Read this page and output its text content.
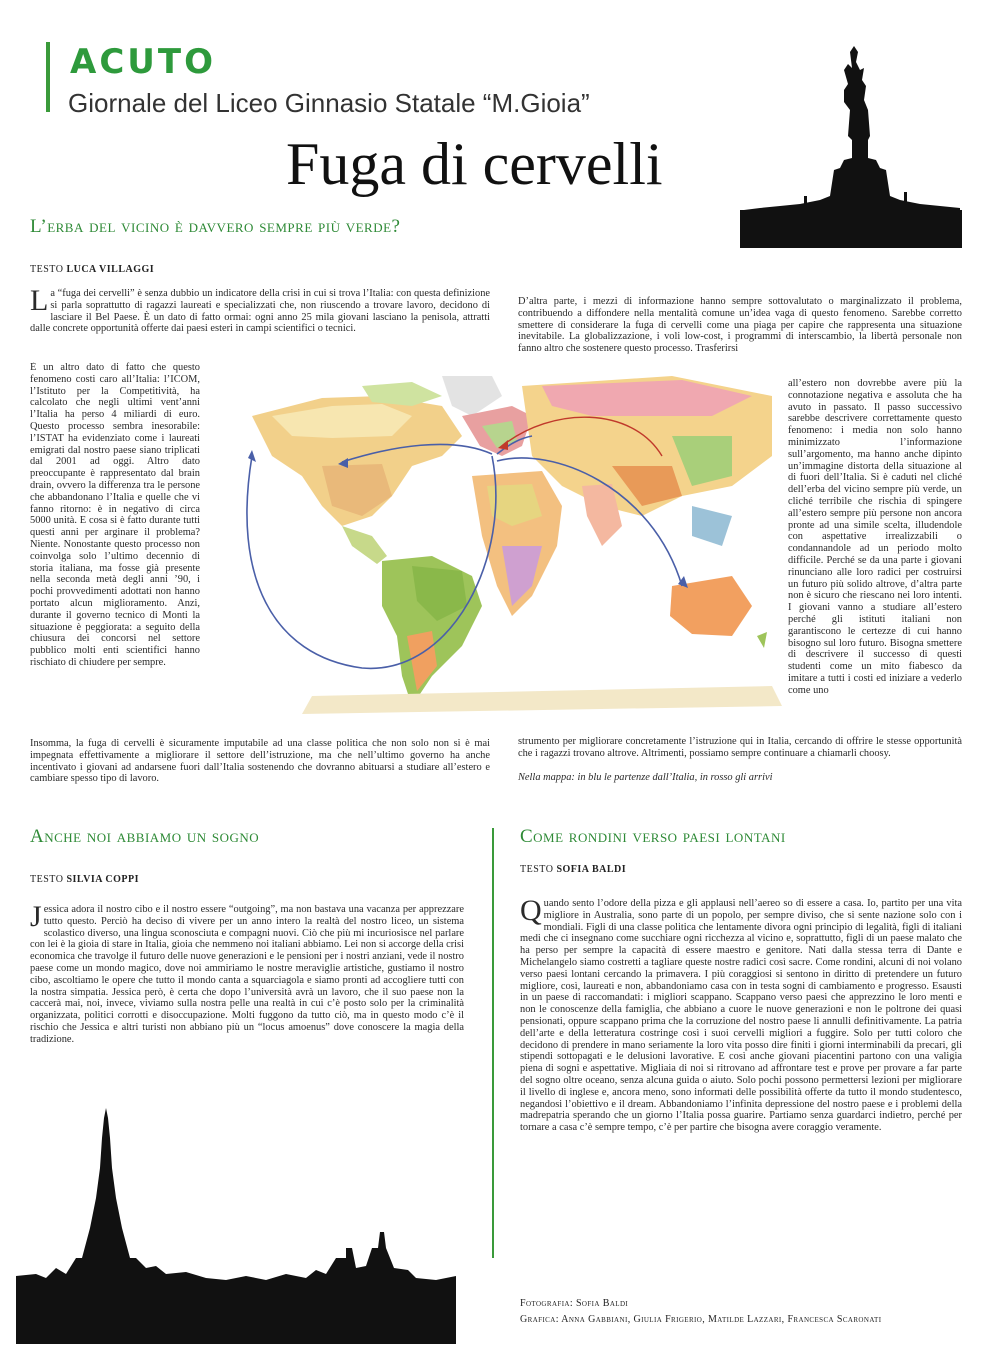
ACUTO
Giornale del Liceo Ginnasio Statale “M.Gioia”
Fuga di cervelli
L’erba del vicino è davvero sempre più verde?
TESTO LUCA VILLAGGI
La “fuga dei cervelli” è senza dubbio un indicatore della crisi in cui si trova l’Italia: con questa definizione si parla soprattutto di ragazzi laureati e specializzati che, non riuscendo a trovare lavoro, decidono di lasciare il Bel Paese. È un dato di fatto ormai: ogni anno 25 mila giovani lasciano la penisola, attratti dalle concrete opportunità offerte dai paesi esteri in campi scientifici o tecnici.
È un altro dato di fatto che questo fenomeno costi caro all’Italia: l’ICOM, l’Istituto per la Competitività, ha calcolato che negli ultimi vent’anni l’Italia ha perso 4 miliardi di euro. Questo processo sembra inesorabile: l’ISTAT ha evidenziato come i laureati emigrati dal nostro paese siano triplicati dal 2001 ad oggi. Altro dato preoccupante è rappresentato dal brain drain, ovvero la differenza tra le persone che abbandonano l’Italia e quelle che vi fanno ritorno: è in negativo di circa 5000 unità. E cosa si è fatto durante tutti questi anni per arginare il problema? Niente. Nonostante questo processo non coinvolga solo l’ultimo decennio di storia italiana, ma fosse già presente nella seconda metà degli anni ’90, i pochi provvedimenti adottati non hanno portato alcun miglioramento. Anzi, durante il governo tecnico di Monti la situazione è peggiorata: a seguito della chiusura dei concorsi nel settore pubblico molti enti scientifici hanno rischiato di chiudere per sempre.
Insomma, la fuga di cervelli è sicuramente imputabile ad una classe politica che non solo non si è mai impegnata effettivamente a migliorare il settore dell’istruzione, ma che nell’ultimo governo ha anche incentivato i giovani ad andarsene fuori dall’Italia sostenendo che dovranno abituarsi a studiare all’estero e cambiare spesso tipo di lavoro.
D’altra parte, i mezzi di informazione hanno sempre sottovalutato o marginalizzato il problema, contribuendo a diffondere nella mentalità comune un’idea vaga di questo fenomeno. Sarebbe corretto smettere di considerare la fuga di cervelli come una piaga per capire che rappresenta una situazione inevitabile. La globalizzazione, i voli low-cost, i programmi di interscambio, la libertà personale non fanno altro che sostenere questo processo. Trasferirsi
all’estero non dovrebbe avere più la connotazione negativa e assoluta che ha avuto in passato. Il passo successivo sarebbe descrivere correttamente questo fenomeno: i media non solo hanno minimizzato l’informazione sull’argomento, ma hanno anche dipinto un’immagine distorta della situazione al di fuori dell’Italia. Si è caduti nel cliché dell’erba del vicino sempre più verde, un cliché terribile che rischia di spingere all’estero sempre più persone non ancora pronte ad una simile scelta, illudendole con aspettative irrealizzabili o condannandole ad un periodo molto difficile. Perché se da una parte i giovani rinunciano alle loro radici per costruirsi un futuro più solido altrove, d’altra parte non è sicuro che riescano nei loro intenti. I giovani vanno a studiare all’estero perché gli istituti italiani non garantiscono le certezze di cui hanno bisogno sul loro futuro. Bisogna smettere di descrivere il successo di questi studenti come un mito fiabesco da imitare a tutti i costi ed iniziare a vederlo come uno
strumento per migliorare concretamente l’istruzione qui in Italia, cercando di offrire le stesse opportunità che i ragazzi trovano altrove. Altrimenti, possiamo sempre continuare a chiamarli choosy.
Nella mappa: in blu le partenze dall’Italia, in rosso gli arrivi
Anche noi abbiamo un sogno
TESTO SILVIA COPPI
Jessica adora il nostro cibo e il nostro essere “outgoing”, ma non bastava una vacanza per apprezzare tutto questo. Perciò ha deciso di vivere per un anno intero la realtà del nostro liceo, un sistema scolastico diverso, una lingua sconosciuta e compagni nuovi. Ciò che più mi incuriosisce nel parlare con lei è la gioia di stare in Italia, gioia che nemmeno noi italiani abbiamo. Lei non si accorge della crisi economica che travolge il futuro delle nuove generazioni e le pensioni per i nostri anziani, vede il nostro paese come un mondo magico, dove noi ammiriamo le nostre meraviglie artistiche, gustiamo il nostro cibo, ascoltiamo le opere che tutto il mondo canta a squarciagola e siamo pronti ad accogliere tutti con la nostra simpatia. Jessica però, è certa che dopo l’università avrà un lavoro, che il suo paese non la caccerà mai, noi, invece, viviamo sulla nostra pelle una realtà in cui c’è posto solo per la criminalità organizzata, politici corrotti e disoccupazione. Molti fuggono da tutto ciò, ma in questo modo c’è il rischio che Jessica e altri turisti non abbiano più un “locus amoenus” dove conoscere la magia della tradizione.
Come rondini verso paesi lontani
TESTO SOFIA BALDI
Quando sento l’odore della pizza e gli applausi nell’aereo so di essere a casa. Io, partito per una vita migliore in Australia, sono parte di un popolo, per sempre diviso, che si sente nazione solo con i mondiali. Figli di una classe politica che lentamente divora ogni principio di legalità, figli di italiani medi che ci insegnano come succhiare ogni ricchezza al vicino e, soprattutto, figli di un paese malato che ha perso per sempre la capacità di essere maestro e genitore. Nati dalla stessa terra di Dante e Michelangelo siamo costretti a tagliare queste nostre radici così sacre. Come rondini, alcuni di noi volano verso paesi lontani cercando la primavera. I più coraggiosi si sentono in diritto di pretendere un futuro migliore, così, laureati e non, abbandoniamo casa con in testa sogni di cambiamento e progresso. Esausti in un paese di raccomandati: i migliori scappano. Scappano verso paesi che apprezzino le loro menti e non le conoscenze della famiglia, che abbiano a cuore le nuove generazioni e non le poltrone dei quasi pensionati, oppure scappano prima che la corruzione del nostro paese li annulli definitivamente. La patria dell’arte e della letteratura costringe così i suoi cervelli migliori a fuggire. Solo per tutti coloro che decidono di prendere in mano seriamente la loro vita posso dire finiti i giorni interminabili da precari, gli stipendi sottopagati e le delusioni lavorative. E così anche giovani piacentini partono con una valigia piena di sogni e aspettative. Migliaia di noi si ritrovano ad affrontare test e prove per provare a far parte del sogno oltre oceano, senza alcuna guida o aiuto. Solo pochi possono permettersi lezioni per migliorare il livello di inglese e, ancora meno, sono informati delle possibilità offerte da tutto il mondo studentesco, negandosi l’obiettivo e il dream. Abbandoniamo l’infinita depressione del nostro paese e i problemi della madrepatria sperando che un giorno l’Italia possa guarire. Partiamo senza guardarci indietro, perché per tornare a casa c’è sempre tempo, c’è per partire che bisogna avere coraggio veramente.
Fotografia: Sofia Baldi
Grafica: Anna Gabbiani, Giulia Frigerio, Matilde Lazzari, Francesca Scaronati
